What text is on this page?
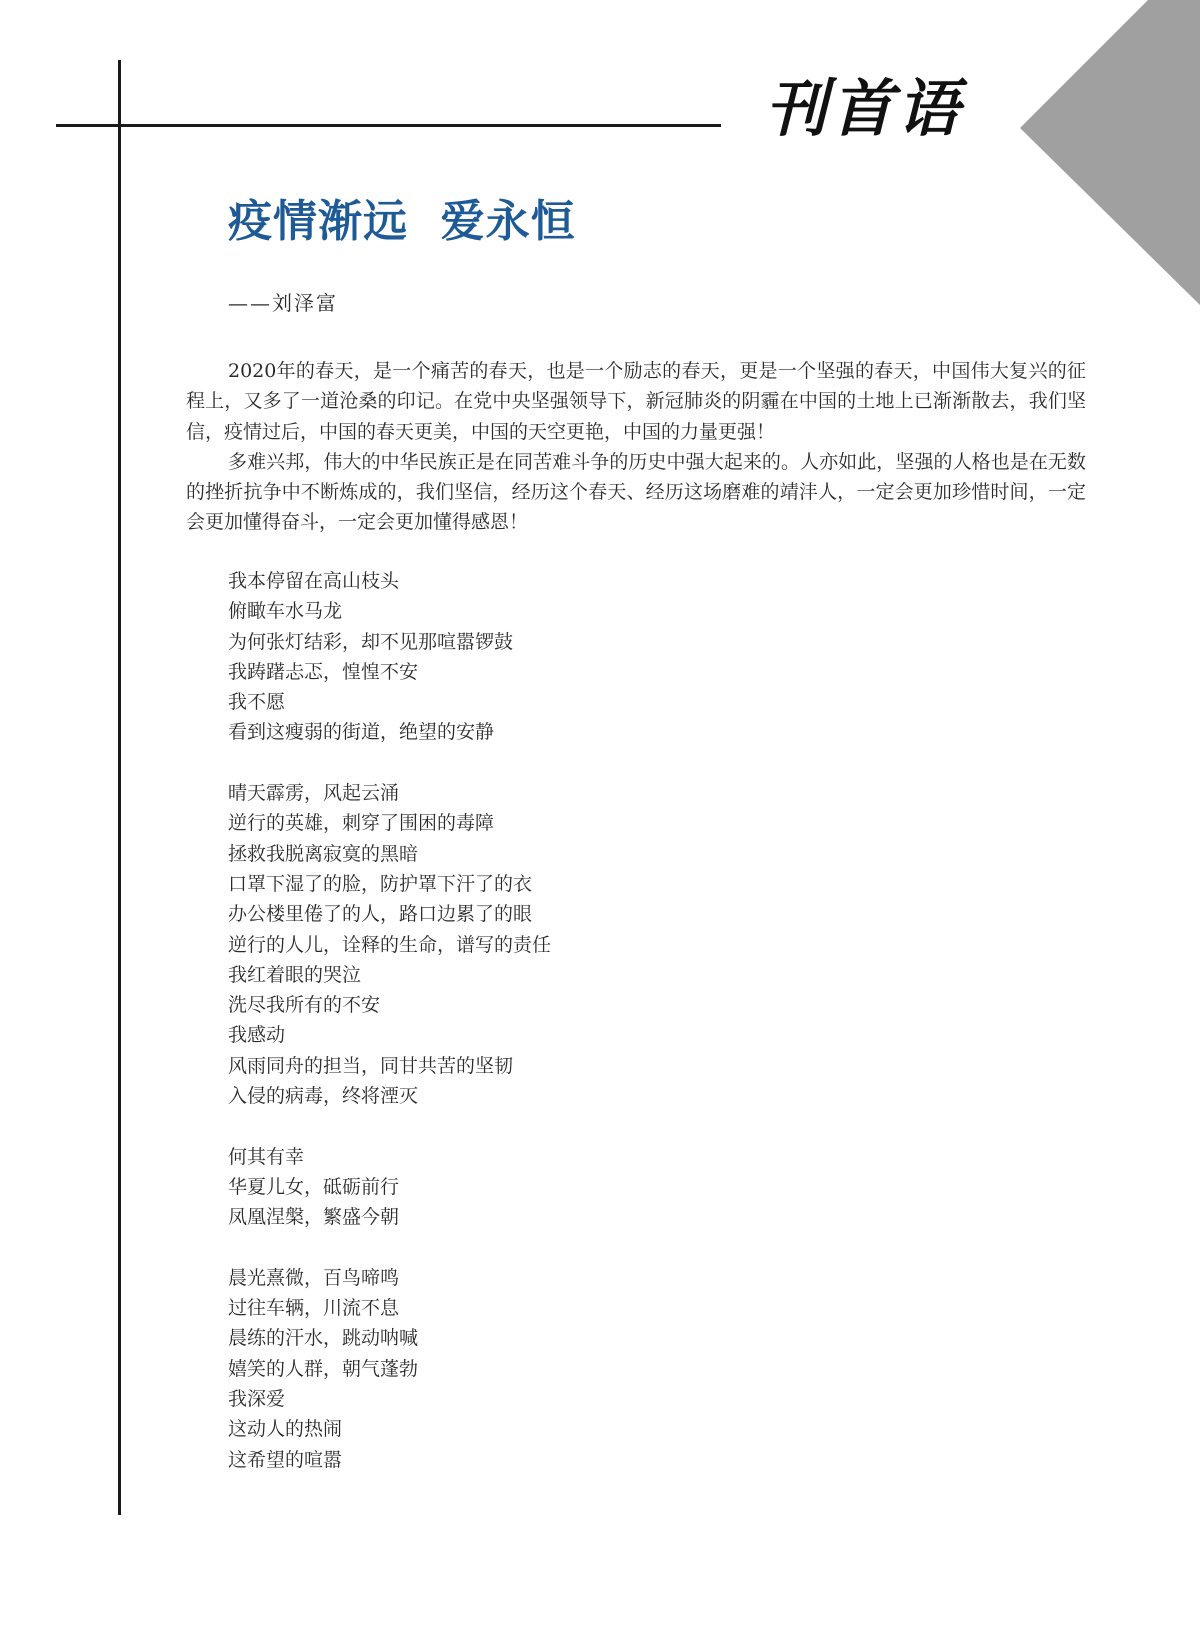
刊首语
疫情渐远  爱永恒
——刘泽富

2020年的春天，是一个痛苦的春天，也是一个励志的春天，更是一个坚强的春天，中国伟大复兴的征程上，又多了一道沧桑的印记。在党中央坚强领导下，新冠肺炎的阴霾在中国的土地上已渐渐散去，我们坚信，疫情过后，中国的春天更美，中国的天空更艳，中国的力量更强！

多难兴邦，伟大的中华民族正是在同苦难斗争的历史中强大起来的。人亦如此，坚强的人格也是在无数的挫折抗争中不断炼成的，我们坚信，经历这个春天、经历这场磨难的靖沣人，一定会更加珍惜时间，一定会更加懂得奋斗，一定会更加懂得感恩！

我本停留在高山枝头
俯瞰车水马龙
为何张灯结彩，却不见那喧嚣锣鼓
我踌躇忐忑，惶惶不安
我不愿
看到这瘦弱的街道，绝望的安静
晴天霹雳，风起云涌
逆行的英雄，刺穿了围困的毒障
拯救我脱离寂寞的黑暗
口罩下湿了的脸，防护罩下汗了的衣
办公楼里倦了的人，路口边累了的眼
逆行的人儿，诠释的生命，谱写的责任
我红着眼的哭泣
洗尽我所有的不安
我感动
风雨同舟的担当，同甘共苦的坚韧
入侵的病毒，终将湮灭
何其有幸
华夏儿女，砥砺前行
凤凰涅槃，繁盛今朝
晨光熹微，百鸟啼鸣
过往车辆，川流不息
晨练的汗水，跳动呐喊
嬉笑的人群，朝气蓬勃
我深爱
这动人的热闹
这希望的喧嚣
